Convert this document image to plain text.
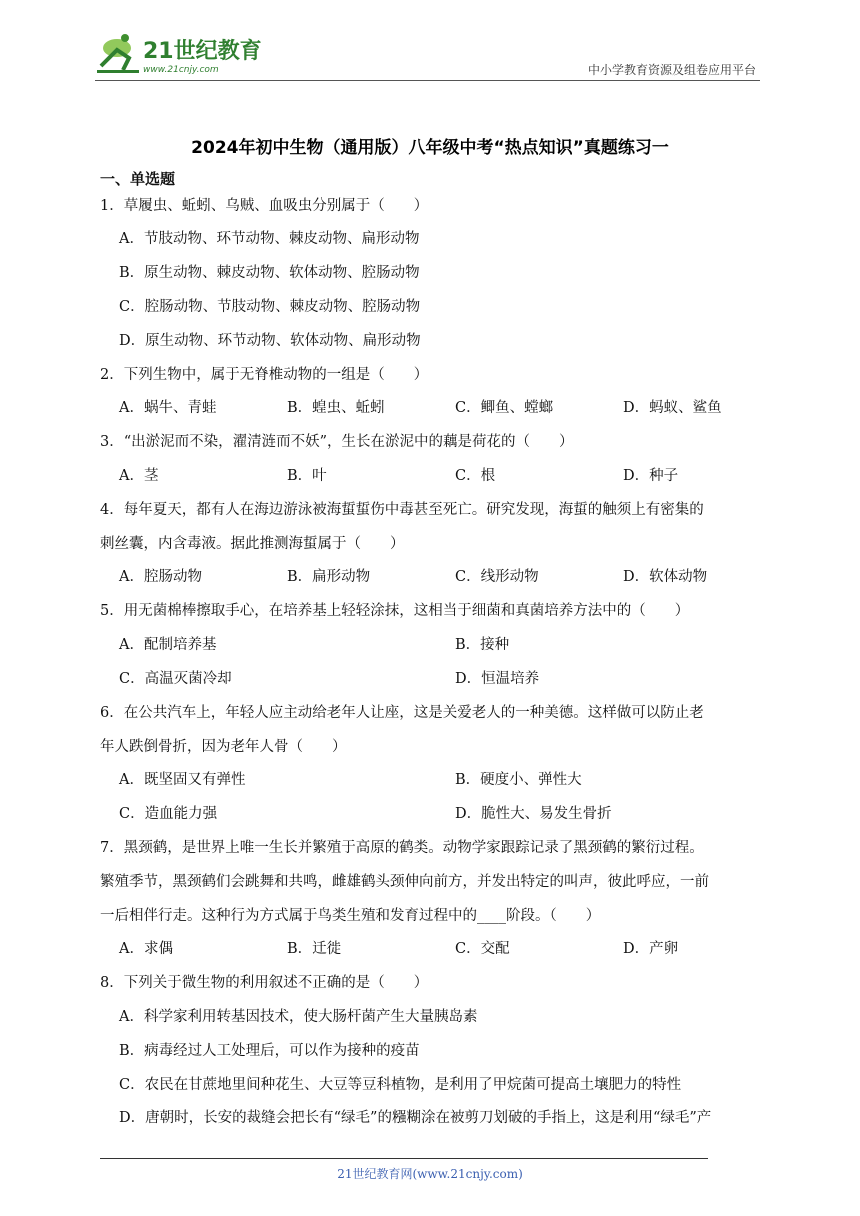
21世纪教育
www.21cnjy.com	中小学教育资源及组卷应用平台
2024年初中生物（通用版）八年级中考“热点知识”真题练习一
一、单选题
1．草履虫、蚯蚓、乌贼、血吸虫分别属于（　　）
A．节肢动物、环节动物、棘皮动物、扁形动物
B．原生动物、棘皮动物、软体动物、腔肠动物
C．腔肠动物、节肢动物、棘皮动物、腔肠动物
D．原生动物、环节动物、软体动物、扁形动物
2．下列生物中，属于无脊椎动物的一组是（　　）
A．蜗牛、青蛙	B．蝗虫、蚯蚓	C．鲫鱼、螳螂	D．蚂蚁、鲨鱼
3．“出淤泥而不染，濯清涟而不妖”，生长在淤泥中的藕是荷花的（　　）
A．茎	B．叶	C．根	D．种子
4．每年夏天，都有人在海边游泳被海蜇蜇伤中毒甚至死亡。研究发现，海蜇的触须上有密集的
刺丝囊，内含毒液。据此推测海蜇属于（　　）
A．腔肠动物	B．扁形动物	C．线形动物	D．软体动物
5．用无菌棉棒擦取手心，在培养基上轻轻涂抹，这相当于细菌和真菌培养方法中的（　　）
A．配制培养基	B．接种
C．高温灭菌冷却	D．恒温培养
6．在公共汽车上，年轻人应主动给老年人让座，这是关爱老人的一种美德。这样做可以防止老
年人跌倒骨折，因为老年人骨（　　）
A．既坚固又有弹性	B．硬度小、弹性大
C．造血能力强	D．脆性大、易发生骨折
7．黑颈鹤，是世界上唯一生长并繁殖于高原的鹤类。动物学家跟踪记录了黑颈鹤的繁衍过程。
繁殖季节，黑颈鹤们会跳舞和共鸣，雌雄鹤头颈伸向前方，并发出特定的叫声，彼此呼应，一前
一后相伴行走。这种行为方式属于鸟类生殖和发育过程中的____阶段。（　　）
A．求偶	B．迁徙	C．交配	D．产卵
8．下列关于微生物的利用叙述不正确的是（　　）
A．科学家利用转基因技术，使大肠杆菌产生大量胰岛素
B．病毒经过人工处理后，可以作为接种的疫苗
C．农民在甘蔗地里间种花生、大豆等豆科植物，是利用了甲烷菌可提高土壤肥力的特性
D．唐朝时，长安的裁缝会把长有“绿毛”的糨糊涂在被剪刀划破的手指上，这是利用“绿毛”产
21世纪教育网(www.21cnjy.com)
